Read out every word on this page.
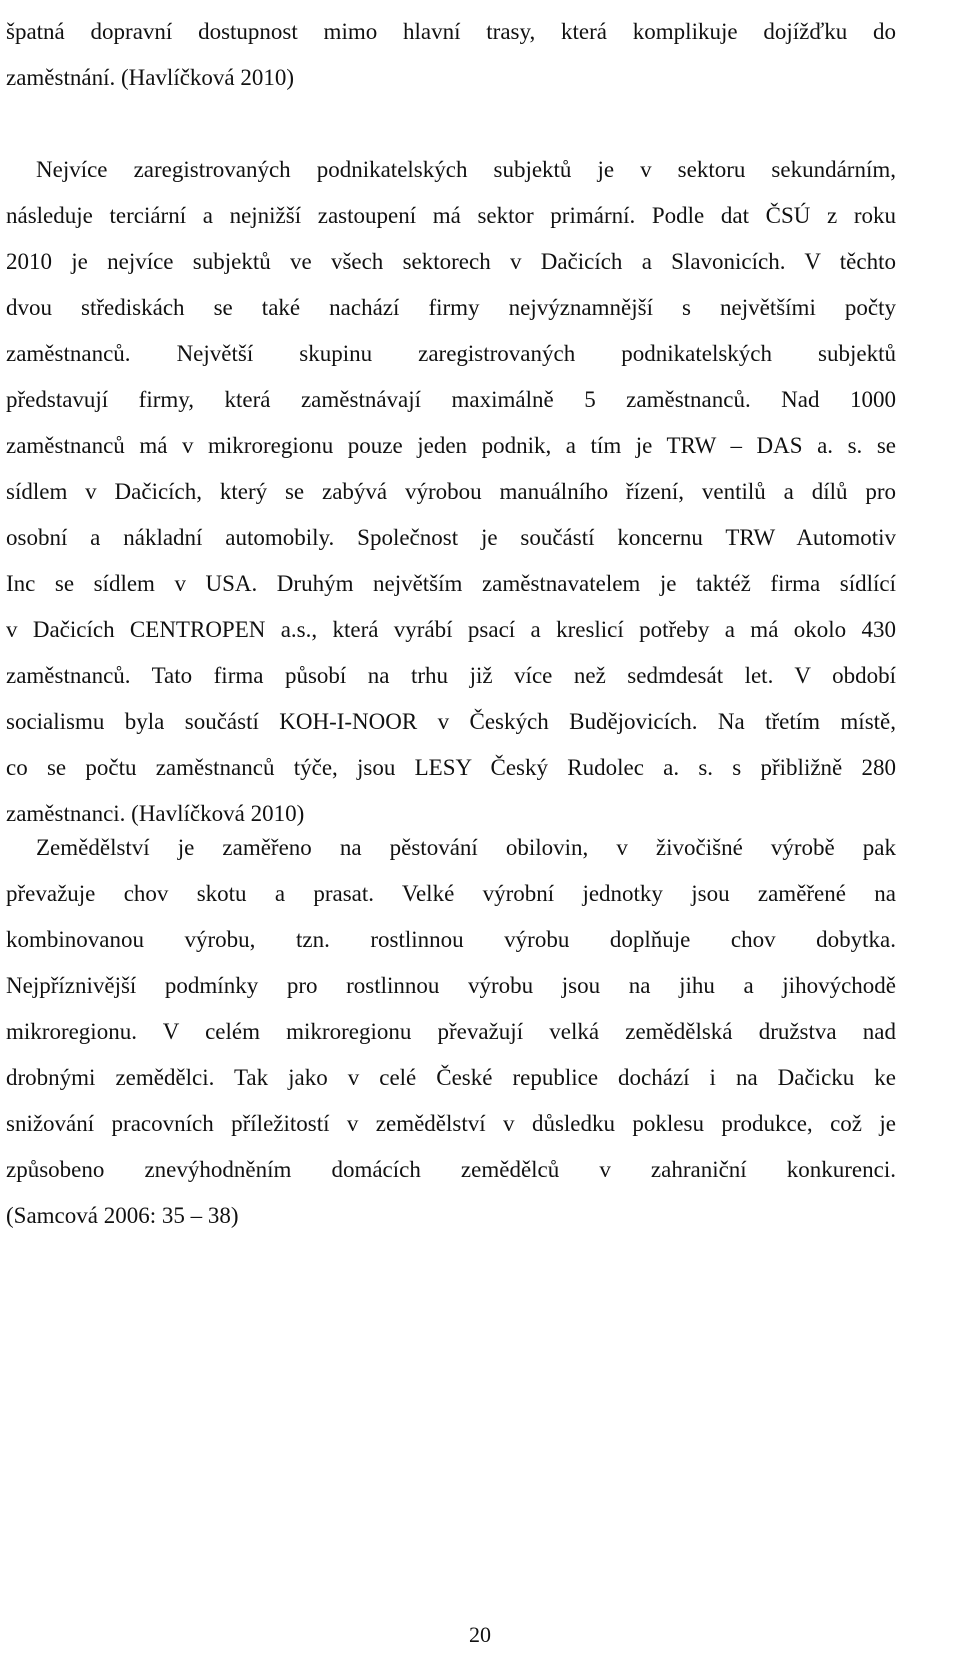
špatná dopravní dostupnost mimo hlavní trasy, která komplikuje dojížďku do
zaměstnání. (Havlíčková 2010)
Nejvíce zaregistrovaných podnikatelských subjektů je v sektoru sekundárním,
následuje terciární a nejnižší zastoupení má sektor primární. Podle dat ČSÚ z roku
2010 je nejvíce subjektů ve všech sektorech v Dačicích a Slavonicích. V těchto
dvou střediskách se také nachází firmy nejvýznamnější s největšími počty
zaměstnanců. Největší skupinu zaregistrovaných podnikatelských subjektů
představují firmy, která zaměstnávají maximálně 5 zaměstnanců. Nad 1000
zaměstnanců má v mikroregionu pouze jeden podnik, a tím je TRW – DAS a. s. se
sídlem v Dačicích, který se zabývá výrobou manuálního řízení, ventilů a dílů pro
osobní a nákladní automobily. Společnost je součástí koncernu TRW Automotiv
Inc se sídlem v USA. Druhým největším zaměstnavatelem je taktéž firma sídlící
v Dačicích CENTROPEN a.s., která vyrábí psací a kreslicí potřeby a má okolo 430
zaměstnanců. Tato firma působí na trhu již více než sedmdesát let. V období
socialismu byla součástí KOH-I-NOOR v Českých Budějovicích. Na třetím místě,
co se počtu zaměstnanců týče, jsou LESY Český Rudolec a. s. s přibližně 280
zaměstnanci. (Havlíčková 2010)
Zemědělství je zaměřeno na pěstování obilovin, v živočišné výrobě pak
převažuje chov skotu a prasat. Velké výrobní jednotky jsou zaměřené na
kombinovanou výrobu, tzn. rostlinnou výrobu doplňuje chov dobytka.
Nejpříznivější podmínky pro rostlinnou výrobu jsou na jihu a jihovýchodě
mikroregionu. V celém mikroregionu převažují velká zemědělská družstva nad
drobnými zemědělci. Tak jako v celé České republice dochází i na Dačicku ke
snižování pracovních příležitostí v zemědělství v důsledku poklesu produkce, což je
způsobeno znevýhodněním domácích zemědělců v zahraniční konkurenci.
(Samcová 2006: 35 – 38)
20
